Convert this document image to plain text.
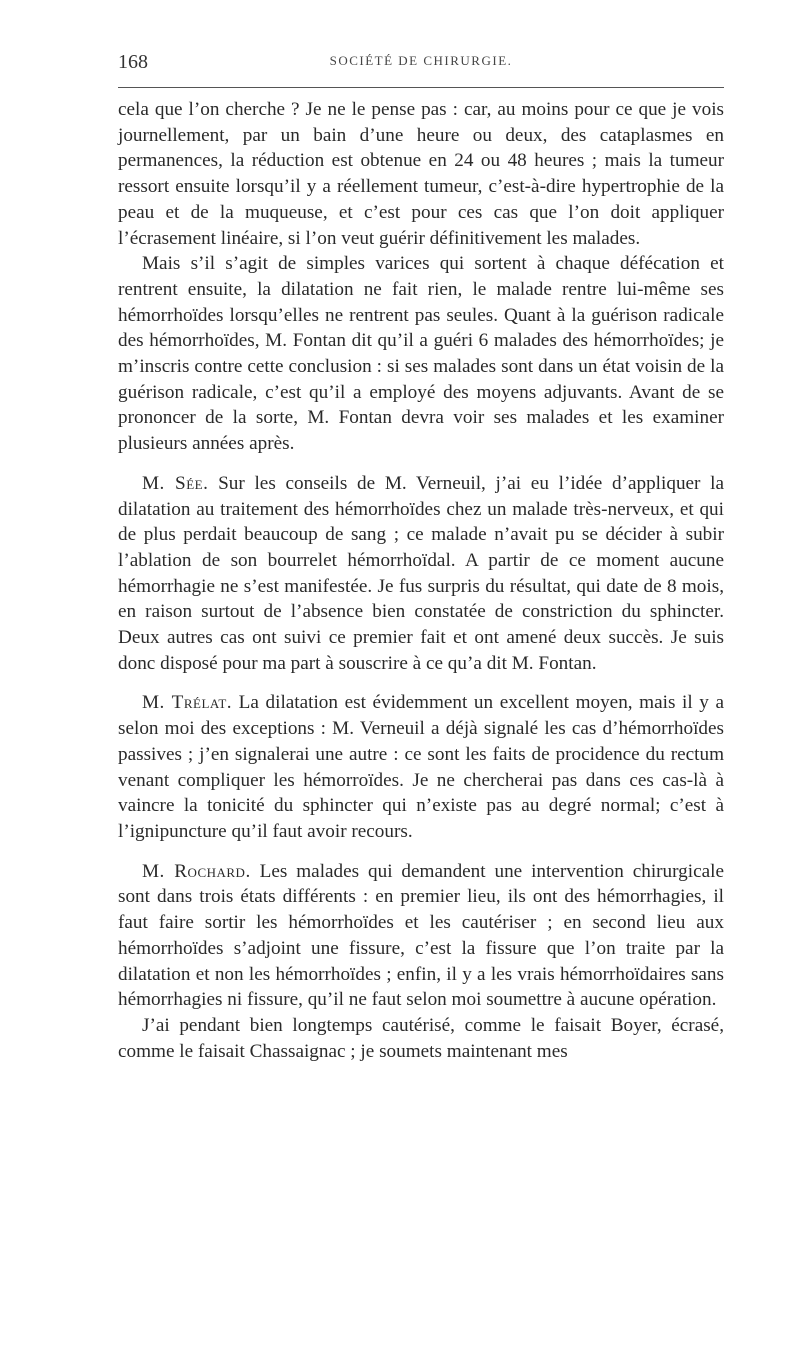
168	SOCIÉTÉ DE CHIRURGIE.

cela que l’on cherche ? Je ne le pense pas : car, au moins pour ce que je vois journellement, par un bain d’une heure ou deux, des cataplasmes en permanences, la réduction est obtenue en 24 ou 48 heures ; mais la tumeur ressort ensuite lorsqu’il y a réellement tumeur, c’est-à-dire hypertrophie de la peau et de la muqueuse, et c’est pour ces cas que l’on doit appliquer l’écrasement linéaire, si l’on veut guérir définitivement les malades.

Mais s’il s’agit de simples varices qui sortent à chaque défécation et rentrent ensuite, la dilatation ne fait rien, le malade rentre lui-même ses hémorrhoïdes lorsqu’elles ne rentrent pas seules. Quant à la guérison radicale des hémorrhoïdes, M. Fontan dit qu’il a guéri 6 malades des hémorrhoïdes; je m’inscris contre cette conclusion : si ses malades sont dans un état voisin de la guérison radicale, c’est qu’il a employé des moyens adjuvants. Avant de se prononcer de la sorte, M. Fontan devra voir ses malades et les examiner plusieurs années après.

M. Sée. Sur les conseils de M. Verneuil, j’ai eu l’idée d’appliquer la dilatation au traitement des hémorrhoïdes chez un malade très-nerveux, et qui de plus perdait beaucoup de sang ; ce malade n’avait pu se décider à subir l’ablation de son bourrelet hémorrhoïdal. A partir de ce moment aucune hémorrhagie ne s’est manifestée. Je fus surpris du résultat, qui date de 8 mois, en raison surtout de l’absence bien constatée de constriction du sphincter. Deux autres cas ont suivi ce premier fait et ont amené deux succès. Je suis donc disposé pour ma part à souscrire à ce qu’a dit M. Fontan.

M. Trélat. La dilatation est évidemment un excellent moyen, mais il y a selon moi des exceptions : M. Verneuil a déjà signalé les cas d’hémorrhoïdes passives ; j’en signalerai une autre : ce sont les faits de procidence du rectum venant compliquer les hémorroïdes. Je ne chercherai pas dans ces cas-là à vaincre la tonicité du sphincter qui n’existe pas au degré normal; c’est à l’ignipuncture qu’il faut avoir recours.

M. Rochard. Les malades qui demandent une intervention chirurgicale sont dans trois états différents : en premier lieu, ils ont des hémorrhagies, il faut faire sortir les hémorrhoïdes et les cautériser ; en second lieu aux hémorrhoïdes s’adjoint une fissure, c’est la fissure que l’on traite par la dilatation et non les hémorrhoïdes ; enfin, il y a les vrais hémorrhoïdaires sans hémorrhagies ni fissure, qu’il ne faut selon moi soumettre à aucune opération.

J’ai pendant bien longtemps cautérisé, comme le faisait Boyer, écrasé, comme le faisait Chassaignac ; je soumets maintenant mes
